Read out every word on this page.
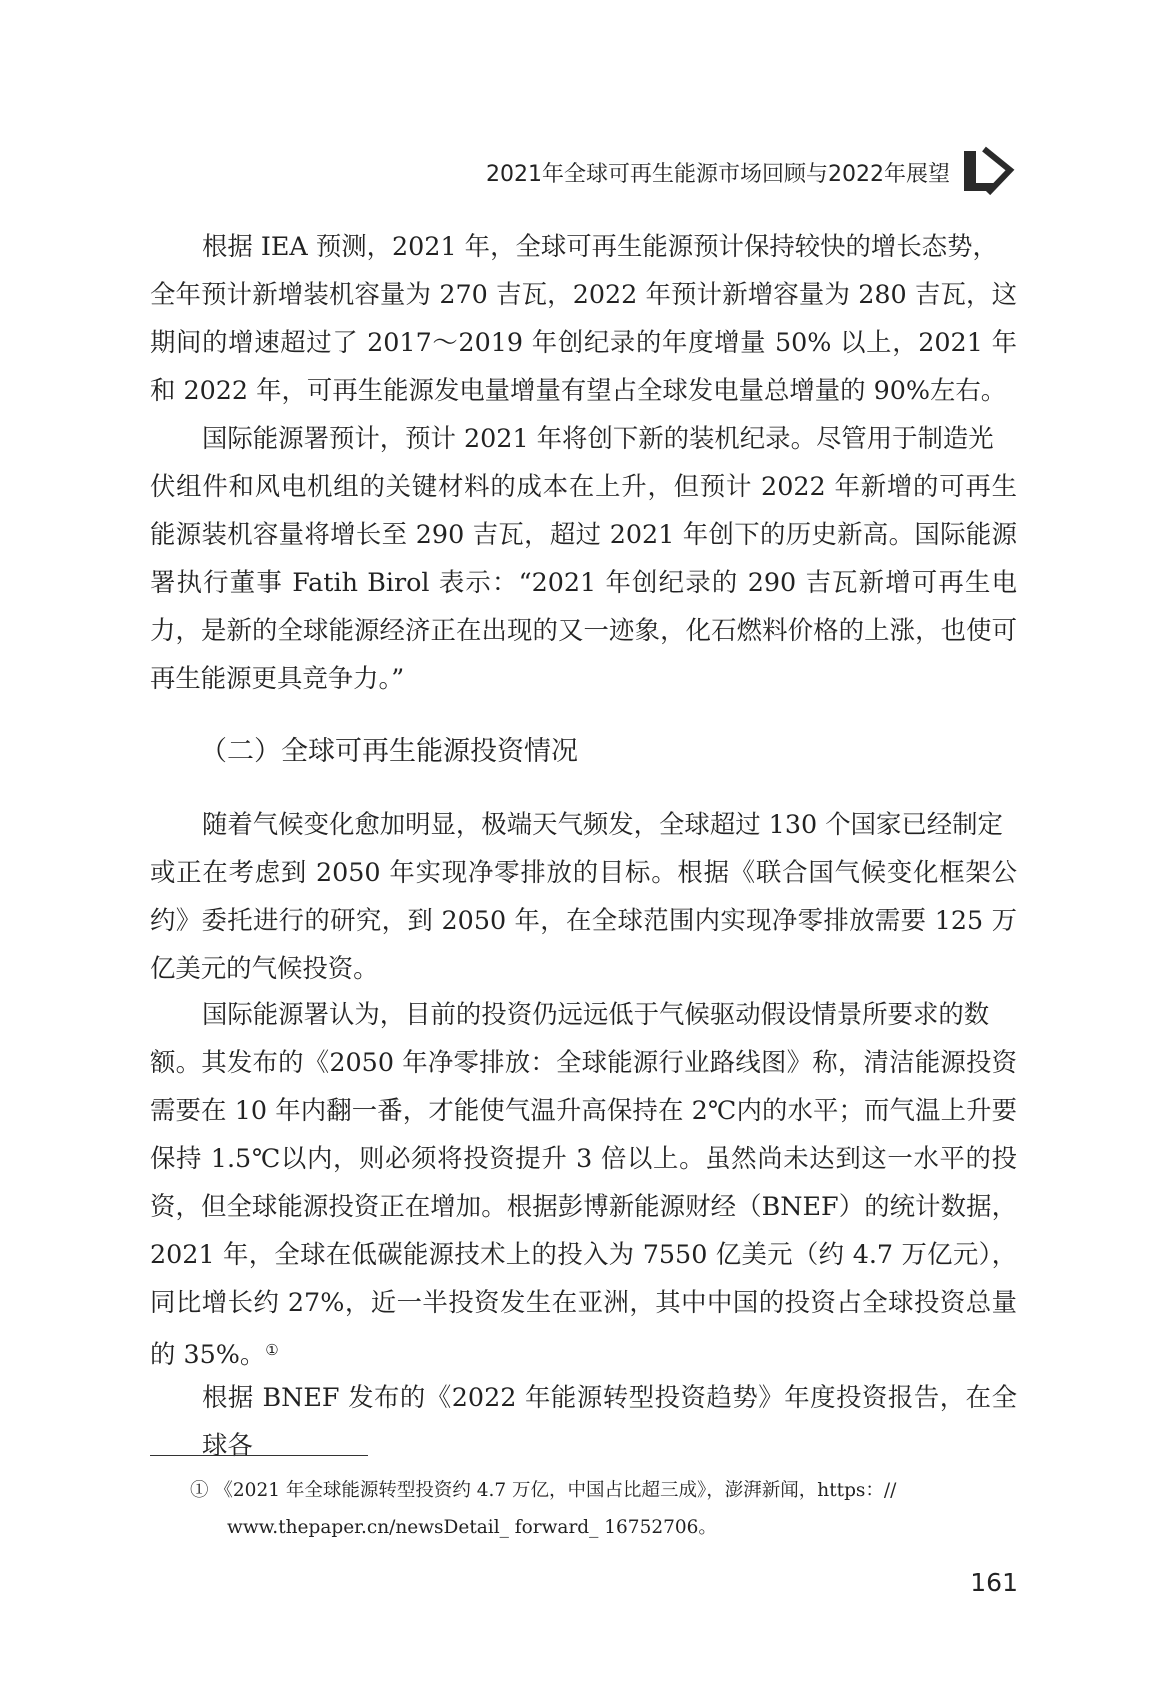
2021年全球可再生能源市场回顾与2022年展望

根据 IEA 预测，2021 年，全球可再生能源预计保持较快的增长态势，
全年预计新增装机容量为 270 吉瓦，2022 年预计新增容量为 280 吉瓦，这期间的增速超过了 2017～2019 年创纪录的年度增量 50% 以上，2021 年和 2022 年，可再生能源发电量增量有望占全球发电量总增量的 90%左右。

国际能源署预计，预计 2021 年将创下新的装机纪录。尽管用于制造光
伏组件和风电机组的关键材料的成本在上升，但预计 2022 年新增的可再生能源装机容量将增长至 290 吉瓦，超过 2021 年创下的历史新高。国际能源署执行董事 Fatih Birol 表示：“2021 年创纪录的 290 吉瓦新增可再生电力，是新的全球能源经济正在出现的又一迹象，化石燃料价格的上涨，也使可再生能源更具竞争力。”

（二）全球可再生能源投资情况

随着气候变化愈加明显，极端天气频发，全球超过 130 个国家已经制定
或正在考虑到 2050 年实现净零排放的目标。根据《联合国气候变化框架公约》委托进行的研究，到 2050 年，在全球范围内实现净零排放需要 125 万亿美元的气候投资。

国际能源署认为，目前的投资仍远远低于气候驱动假设情景所要求的数
额。其发布的《2050 年净零排放：全球能源行业路线图》称，清洁能源投资需要在 10 年内翻一番，才能使气温升高保持在 2℃内的水平；而气温上升要保持 1.5℃以内，则必须将投资提升 3 倍以上。虽然尚未达到这一水平的投资，但全球能源投资正在增加。根据彭博新能源财经（BNEF）的统计数据，2021 年，全球在低碳能源技术上的投入为 7550 亿美元（约 4.7 万亿元），同比增长约 27%，近一半投资发生在亚洲，其中中国的投资占全球投资总量的 35%。①

根据 BNEF 发布的《2022 年能源转型投资趋势》年度投资报告，在全球各

① 《2021 年全球能源转型投资约 4.7 万亿，中国占比超三成》，澎湃新闻，https：//
www.thepaper.cn/newsDetail_ forward_ 16752706。
161
